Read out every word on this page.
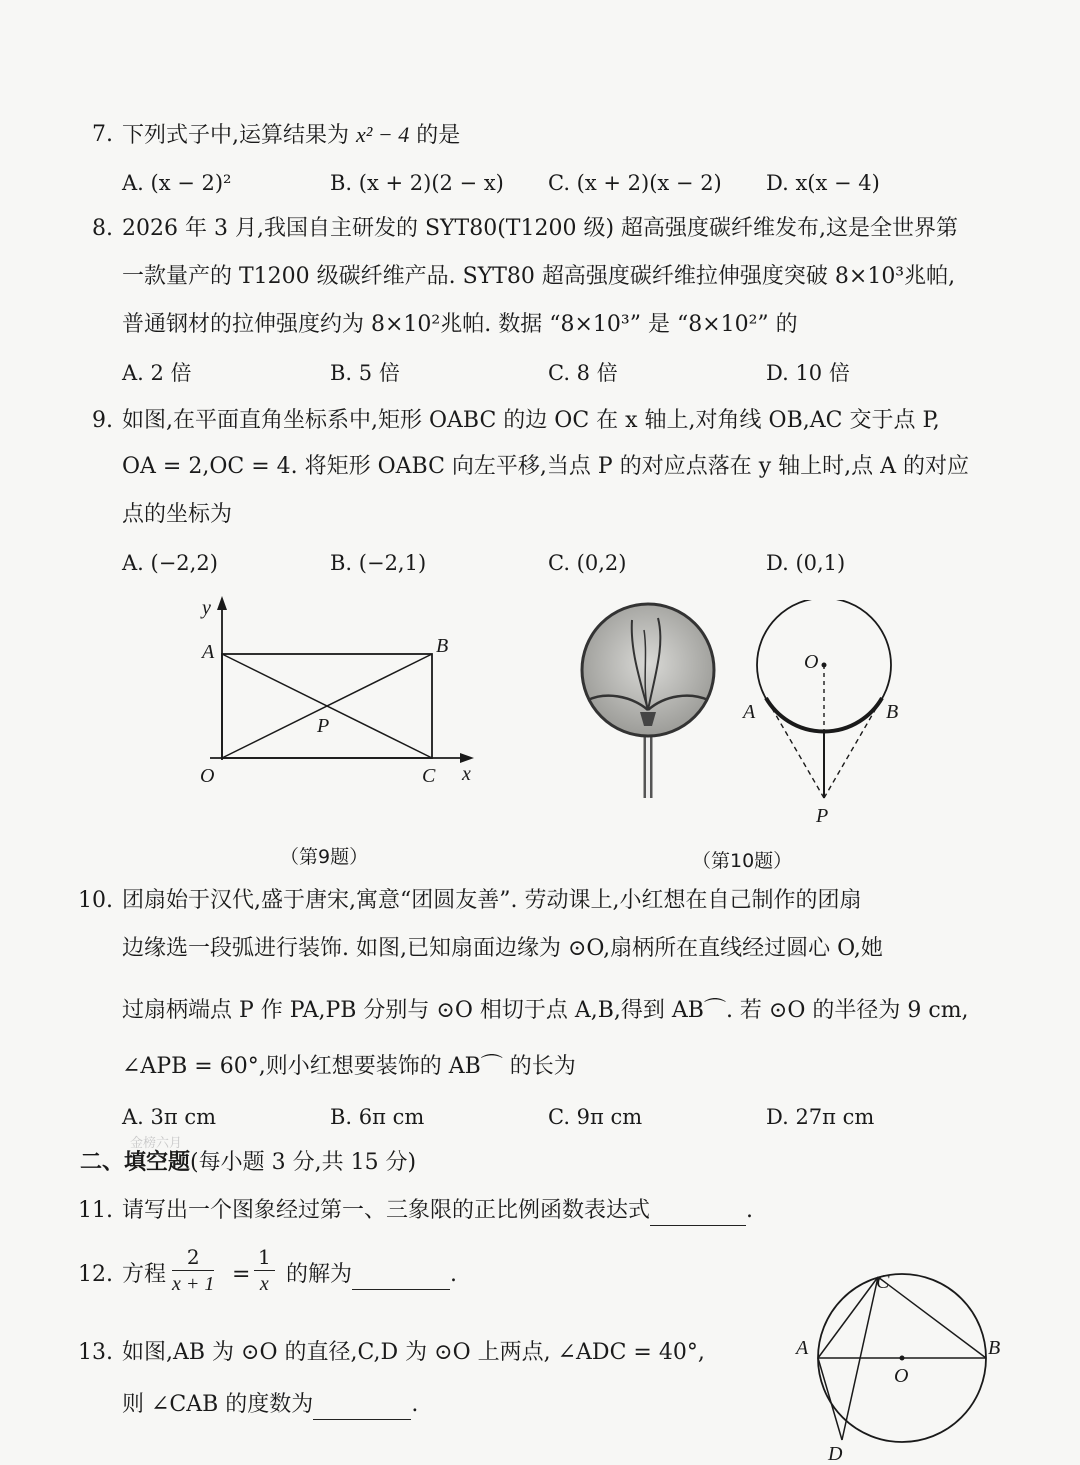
7. 下列式子中,运算结果为 x² − 4 的是
A. (x − 2)²	B. (x + 2)(2 − x) C. (x + 2)(x − 2) D. x(x − 4)
8. 2026 年 3 月,我国自主研发的 SYT80(T1200 级) 超高强度碳纤维发布,这是全世界第
一款量产的 T1200 级碳纤维产品. SYT80 超高强度碳纤维拉伸强度突破 8×10³兆帕,
普通钢材的拉伸强度约为 8×10²兆帕. 数据 “8×10³” 是 “8×10²” 的
A. 2 倍	B. 5 倍	C. 8 倍	D. 10 倍
9. 如图,在平面直角坐标系中,矩形 OABC 的边 OC 在 x 轴上,对角线 OB,AC 交于点 P,
OA = 2,OC = 4. 将矩形 OABC 向左平移,当点 P 的对应点落在 y 轴上时,点 A 的对应
点的坐标为
A. (−2,2)	B. (−2,1)	C. (0,2)	D. (0,1)
y
A	B
P
O	C x
（第9题）
O
A	B
P
（第10题）
10. 团扇始于汉代,盛于唐宋,寓意“团圆友善”. 劳动课上,小红想在自己制作的团扇
边缘选一段弧进行装饰. 如图,已知扇面边缘为 ⊙O,扇柄所在直线经过圆心 O,她
过扇柄端点 P 作 PA,PB 分别与 ⊙O 相切于点 A,B,得到 AB⌒. 若 ⊙O 的半径为 9 cm,
∠APB = 60°,则小红想要装饰的 AB⌒ 的长为
A. 3π cm	B. 6π cm	C. 9π cm	D. 27π cm
金榜六月
二、填空题(每小题 3 分,共 15 分)
11. 请写出一个图象经过第一、三象限的正比例函数表达式	.
12. 方程 $\frac{2}{x + 1} = \frac{1}{x}$ 的解为	.
13. 如图,AB 为 ⊙O 的直径,C,D 为 ⊙O 上两点, ∠ADC = 40°,
则 ∠CAB 的度数为	.
C
A	B
O
D
